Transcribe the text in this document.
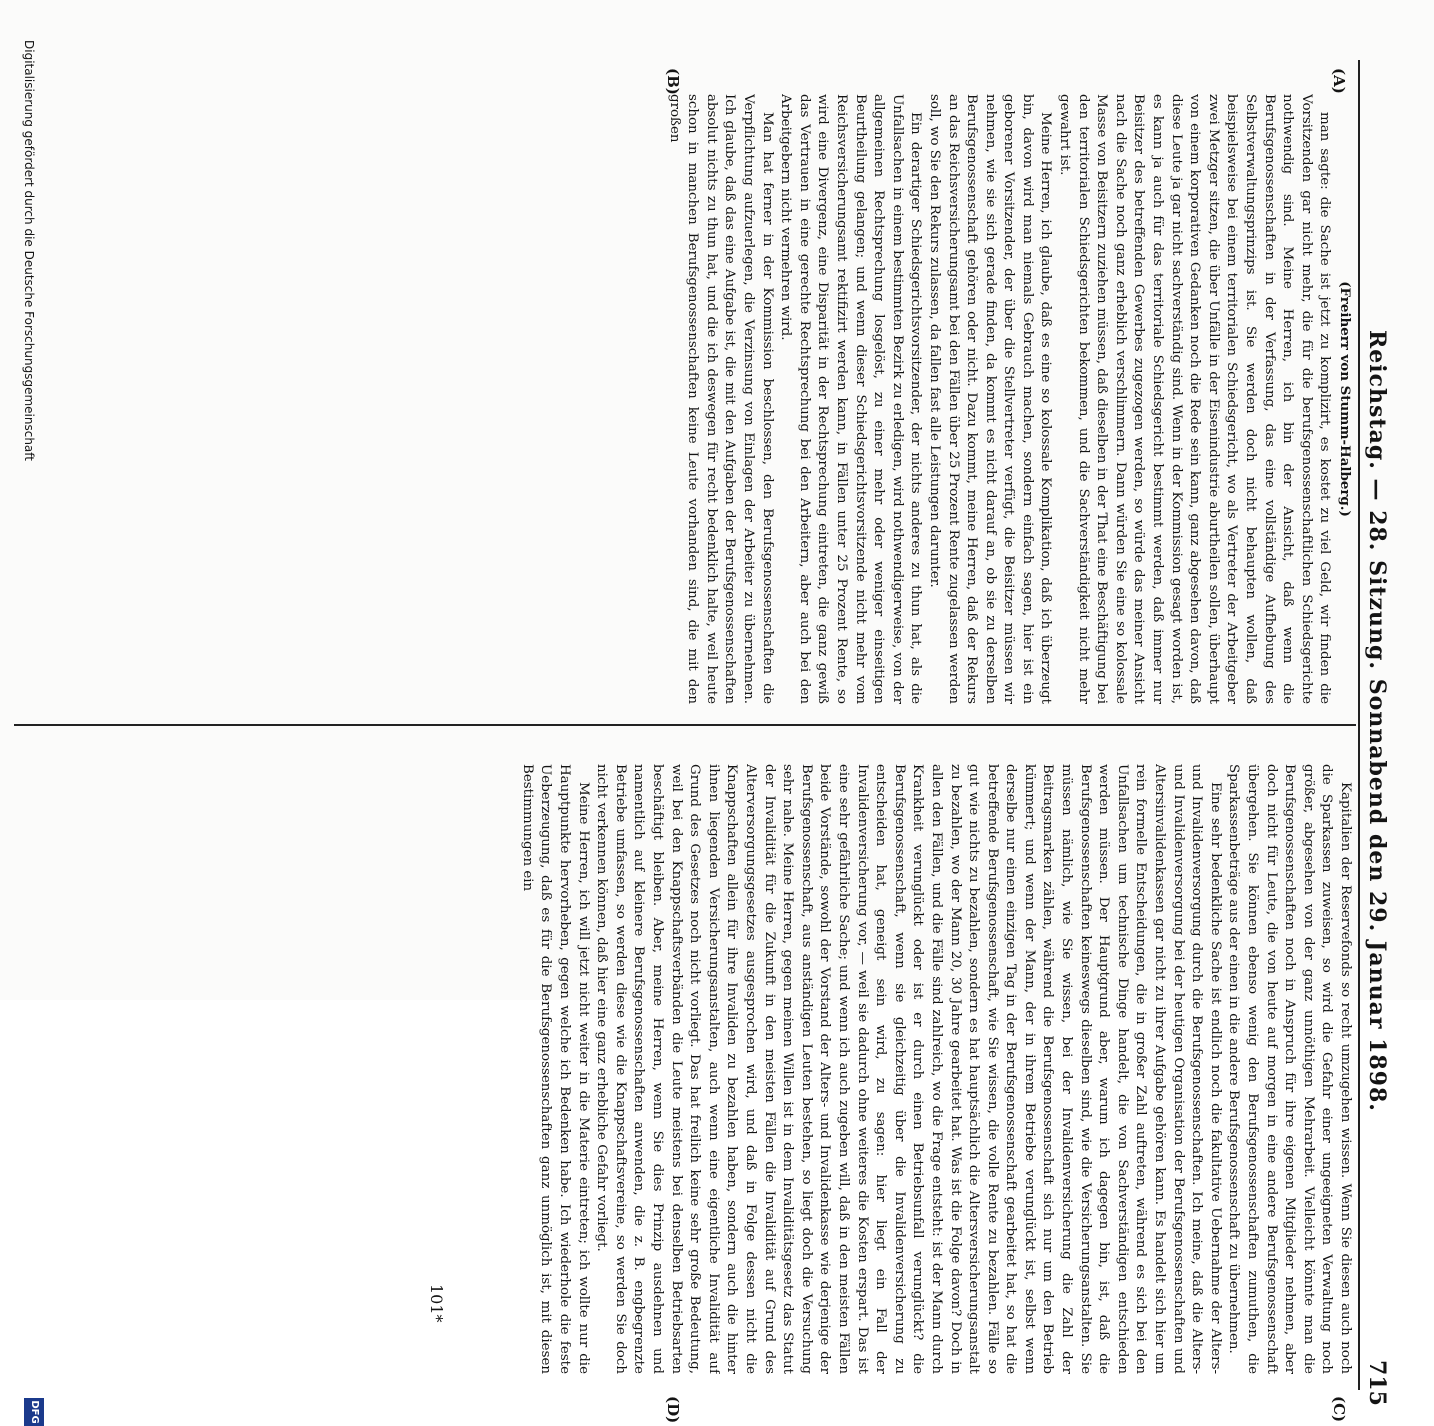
Reichstag. — 28. Sitzung. Sonnabend den 29. Januar 1898.
715
(A)
(B)
(C)
(D)

(Freiherr von Stumm-Halberg.)

man sagte: die Sache ist jetzt zu komplizirt, es kostet zu viel Geld, wir finden die Vorsitzenden gar nicht mehr, die für die berufsgenossenschaftlichen Schiedsgerichte nothwendig sind. Meine Herren, ich bin der Ansicht, daß wenn die Berufsgenossenschaften in der Verfassung, das eine vollständige Aufhebung des Selbstverwaltungsprinzips ist. Sie werden doch nicht behaupten wollen, daß beispielsweise bei einem territorialen Schiedsgericht, wo als Vertreter der Arbeitgeber zwei Metzger sitzen, die über Unfälle in der Eisenindustrie aburtheilen sollen, überhaupt von einem korporativen Gedanken noch die Rede sein kann, ganz abgesehen davon, daß diese Leute ja gar nicht sachverständig sind. Wenn in der Kommission gesagt worden ist, es kann ja auch für das territoriale Schiedsgericht bestimmt werden, daß immer nur Beisitzer des betreffenden Gewerbes zugezogen werden, so würde das meiner Ansicht nach die Sache noch ganz erheblich verschlimmern. Dann würden Sie eine so kolossale Masse von Beisitzern zuziehen müssen, daß dieselben in der That eine Beschäftigung bei den territorialen Schiedsgerichten bekommen, und die Sachverständigkeit nicht mehr gewahrt ist.

Meine Herren, ich glaube, daß es eine so kolossale Komplikation, daß ich überzeugt bin, davon wird man niemals Gebrauch machen, sondern einfach sagen, hier ist ein geborener Vorsitzender, der über die Stellvertreter verfügt, die Beisitzer müssen wir nehmen, wie sie sich gerade finden, da kommt es nicht darauf an, ob sie zu derselben Berufsgenossenschaft gehören oder nicht. Dazu kommt, meine Herren, daß der Rekurs an das Reichsversicherungsamt bei den Fällen über 25 Prozent Rente zugelassen werden soll, wo Sie den Rekurs zulassen, da fallen fast alle Leistungen darunter.

Ein derartiger Schiedsgerichtsvorsitzender, der nichts anderes zu thun hat, als die Unfallsachen in einem bestimmten Bezirk zu erledigen, wird nothwendigerweise, von der allgemeinen Rechtsprechung losgelöst, zu einer mehr oder weniger einseitigen Beurtheilung gelangen; und wenn dieser Schiedsgerichtsvorsitzende nicht mehr vom Reichsversicherungsamt rektifizirt werden kann, in Fällen unter 25 Prozent Rente, so wird eine Divergenz, eine Disparität in der Rechtsprechung eintreten, die ganz gewiß das Vertrauen in eine gerechte Rechtsprechung bei den Arbeitern, aber auch bei den Arbeitgebern nicht vermehren wird.

Man hat ferner in der Kommission beschlossen, den Berufsgenossenschaften die Verpflichtung aufzuerlegen, die Verzinsung von Einlagen der Arbeiter zu übernehmen. Ich glaube, daß das eine Aufgabe ist, die mit den Aufgaben der Berufsgenossenschaften absolut nichts zu thun hat, und die ich deswegen für recht bedenklich halte, weil heute schon in manchen Berufsgenossenschaften keine Leute vorhanden sind, die mit den großen

Kapitalien der Reservefonds so recht umzugehen wissen. Wenn Sie diesen auch noch die Sparkassen zuweisen, so wird die Gefahr einer ungeeigneten Verwaltung noch größer, abgesehen von der ganz unnöthigen Mehrarbeit. Vielleicht könnte man die Berufsgenossenschaften noch in Anspruch für ihre eigenen Mitglieder nehmen, aber doch nicht für Leute, die von heute auf morgen in eine andere Berufsgenossenschaft übergehen. Sie können ebenso wenig den Berufsgenossenschaften zumuthen, die Sparkassenbeträge aus der einen in die andere Berufsgenossenschaft zu übernehmen.

Eine sehr bedenkliche Sache ist endlich noch die fakultative Uebernahme der Alters- und Invalidenversorgung durch die Berufsgenossenschaften. Ich meine, daß die Alters- und Invalidenversorgung bei der heutigen Organisation der Berufsgenossenschaften und Altersinvalidenkassen gar nicht zu ihrer Aufgabe gehören kann. Es handelt sich hier um rein formelle Entscheidungen, die in großer Zahl auftreten, während es sich bei den Unfallsachen um technische Dinge handelt, die von Sachverständigen entschieden werden müssen. Der Hauptgrund aber, warum ich dagegen bin, ist, daß die Berufsgenossenschaften keineswegs dieselben sind, wie die Versicherungsanstalten. Sie müssen nämlich, wie Sie wissen, bei der Invalidenversicherung die Zahl der Beitragsmarken zählen, während die Berufsgenossenschaft sich nur um den Betrieb kümmert; und wenn der Mann, der in ihrem Betriebe verunglückt ist, selbst wenn derselbe nur einen einzigen Tag in der Berufsgenossenschaft gearbeitet hat, so hat die betreffende Berufsgenossenschaft, wie Sie wissen, die volle Rente zu bezahlen. Fälle so gut wie nichts zu bezahlen, sondern es hat hauptsächlich die Altersversicherungsanstalt zu bezahlen, wo der Mann 20, 30 Jahre gearbeitet hat. Was ist die Folge davon? Doch in allen den Fällen, und die Fälle sind zahlreich, wo die Frage entsteht: ist der Mann durch Krankheit verunglückt oder ist er durch einen Betriebsunfall verunglückt? die Berufsgenossenschaft, wenn sie gleichzeitig über die Invalidenversicherung zu entscheiden hat, geneigt sein wird, zu sagen: hier liegt ein Fall der Invalidenversicherung vor, — weil sie dadurch ohne weiteres die Kosten erspart. Das ist eine sehr gefährliche Sache; und wenn ich auch zugeben will, daß in den meisten Fällen beide Vorstände, sowohl der Vorstand der Alters- und Invalidenkasse wie derjenige der Berufsgenossenschaft, aus anständigen Leuten bestehen, so liegt doch die Versuchung sehr nahe. Meine Herren, gegen meinen Willen ist in dem Invaliditätsgesetz das Statut der Invalidität für die Zukunft in den meisten Fällen die Invalidität auf Grund des Alterversorgungsgesetzes ausgesprochen wird, und daß in Folge dessen nicht die Knappschaften allein für ihre Invaliden zu bezahlen haben, sondern auch die hinter ihnen liegenden Versicherungsanstalten, auch wenn eine eigentliche Invalidität auf Grund des Gesetzes noch nicht vorliegt. Das hat freilich keine sehr große Bedeutung, weil bei den Knappschaftsverbänden die Leute meistens bei denselben Betriebsarten beschäftigt bleiben. Aber, meine Herren, wenn Sie dies Prinzip ausdehnen und namentlich auf kleinere Berufsgenossenschaften anwenden, die z. B. engbegrenzte Betriebe umfassen, so werden diese wie die Knappschaftsvereine, so werden Sie doch nicht verkennen können, daß hier eine ganz erhebliche Gefahr vorliegt.

Meine Herren, ich will jetzt nicht weiter in die Materie eintreten; ich wollte nur die Hauptpunkte hervorheben, gegen welche ich Bedenken habe. Ich wiederhole die feste Ueberzeugung, daß es für die Berufsgenossenschaften ganz unmöglich ist, mit diesen Bestimmungen ein

101*
Digitalisierung gefördert durch die Deutsche Forschungsgemeinschaft
DFG
